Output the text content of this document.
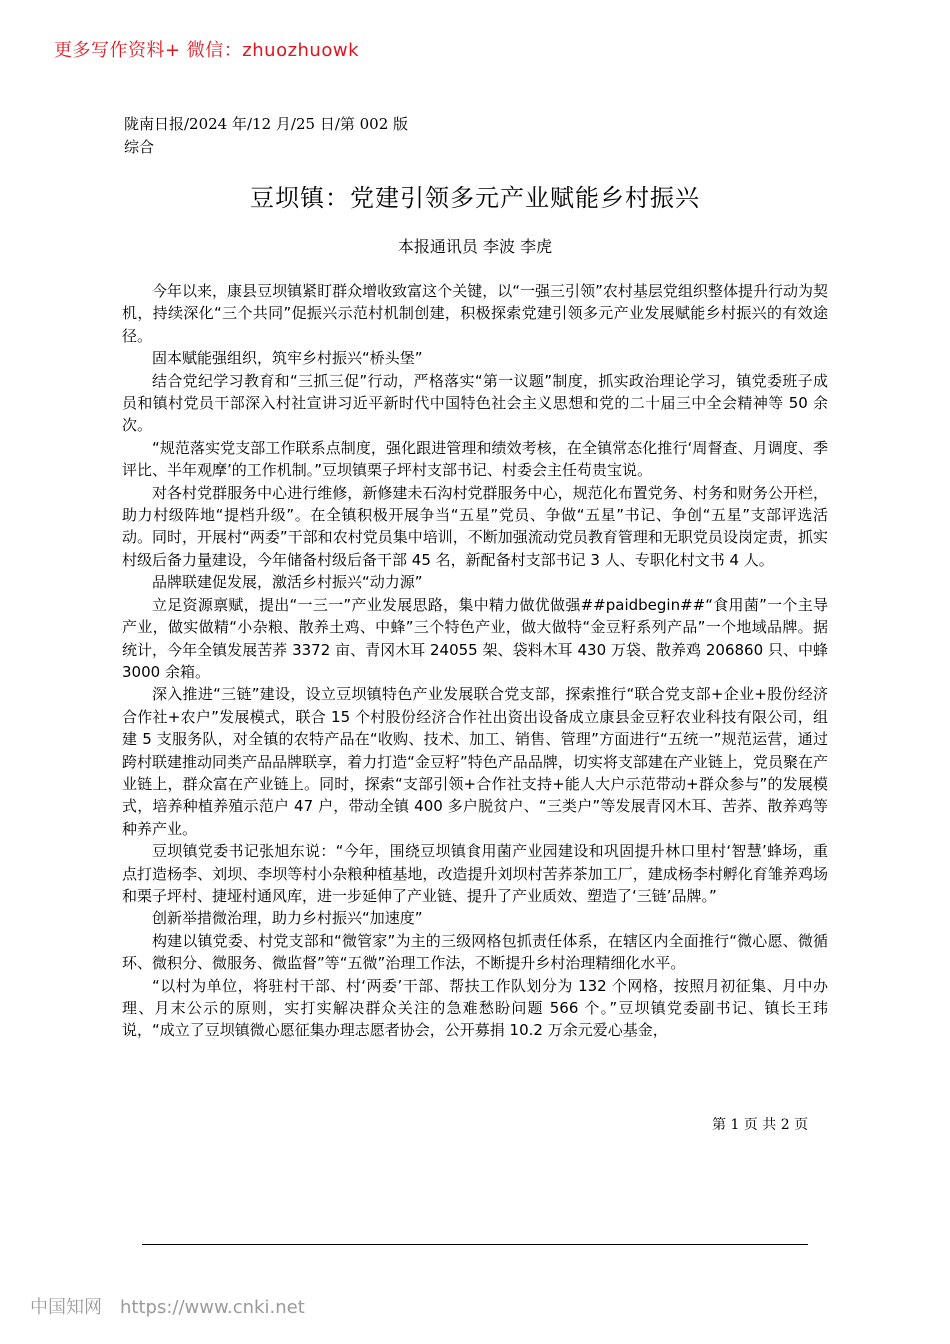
更多写作资料+ 微信：zhuozhuowk
陇南日报/2024 年/12 月/25 日/第 002 版综合
豆坝镇：党建引领多元产业赋能乡村振兴
本报通讯员 李波 李虎

今年以来，康县豆坝镇紧盯群众增收致富这个关键，以“一强三引领”农村基层党组织整体提升行动为契机，持续深化“三个共同”促振兴示范村机制创建，积极探索党建引领多元产业发展赋能乡村振兴的有效途径。

固本赋能强组织，筑牢乡村振兴“桥头堡”

结合党纪学习教育和“三抓三促”行动，严格落实“第一议题”制度，抓实政治理论学习，镇党委班子成员和镇村党员干部深入村社宣讲习近平新时代中国特色社会主义思想和党的二十届三中全会精神等 50 余次。

“规范落实党支部工作联系点制度，强化跟进管理和绩效考核，在全镇常态化推行‘周督查、月调度、季评比、半年观摩’的工作机制。”豆坝镇栗子坪村支部书记、村委会主任苟贵宝说。

对各村党群服务中心进行维修，新修建未石沟村党群服务中心，规范化布置党务、村务和财务公开栏，助力村级阵地“提档升级”。在全镇积极开展争当“五星”党员、争做“五星”书记、争创“五星”支部评选活动。同时，开展村“两委”干部和农村党员集中培训，不断加强流动党员教育管理和无职党员设岗定责，抓实村级后备力量建设，今年储备村级后备干部 45 名，新配备村支部书记 3 人、专职化村文书 4 人。

品牌联建促发展，激活乡村振兴“动力源”

立足资源禀赋，提出“一三一”产业发展思路，集中精力做优做强##paidbegin##“食用菌”一个主导产业，做实做精“小杂粮、散养土鸡、中蜂”三个特色产业，做大做特“金豆籽系列产品”一个地域品牌。据统计，今年全镇发展苦荞 3372 亩、青冈木耳 24055 架、袋料木耳 430 万袋、散养鸡 206860 只、中蜂 3000 余箱。

深入推进“三链”建设，设立豆坝镇特色产业发展联合党支部，探索推行“联合党支部+企业+股份经济合作社+农户”发展模式，联合 15 个村股份经济合作社出资出设备成立康县金豆籽农业科技有限公司，组建 5 支服务队，对全镇的农特产品在“收购、技术、加工、销售、管理”方面进行“五统一”规范运营，通过跨村联建推动同类产品品牌联享，着力打造“金豆籽”特色产品品牌，切实将支部建在产业链上，党员聚在产业链上，群众富在产业链上。同时，探索“支部引领+合作社支持+能人大户示范带动+群众参与”的发展模式，培养种植养殖示范户 47 户，带动全镇 400 多户脱贫户、“三类户”等发展青冈木耳、苦荞、散养鸡等种养产业。

豆坝镇党委书记张旭东说：“今年，围绕豆坝镇食用菌产业园建设和巩固提升林口里村‘智慧’蜂场，重点打造杨李、刘坝、李坝等村小杂粮种植基地，改造提升刘坝村苦荞茶加工厂，建成杨李村孵化育雏养鸡场和栗子坪村、捷垭村通风库，进一步延伸了产业链、提升了产业质效、塑造了‘三链’品牌。”

创新举措微治理，助力乡村振兴“加速度”

构建以镇党委、村党支部和“微管家”为主的三级网格包抓责任体系，在辖区内全面推行“微心愿、微循环、微积分、微服务、微监督”等“五微”治理工作法，不断提升乡村治理精细化水平。

“以村为单位，将驻村干部、村‘两委’干部、帮扶工作队划分为 132 个网格，按照月初征集、月中办理、月末公示的原则，实打实解决群众关注的急难愁盼问题 566 个。”豆坝镇党委副书记、镇长王玮说，“成立了豆坝镇微心愿征集办理志愿者协会，公开募捐 10.2 万余元爱心基金，

第 1 页 共 2 页
中国知网 https://www.cnki.net
